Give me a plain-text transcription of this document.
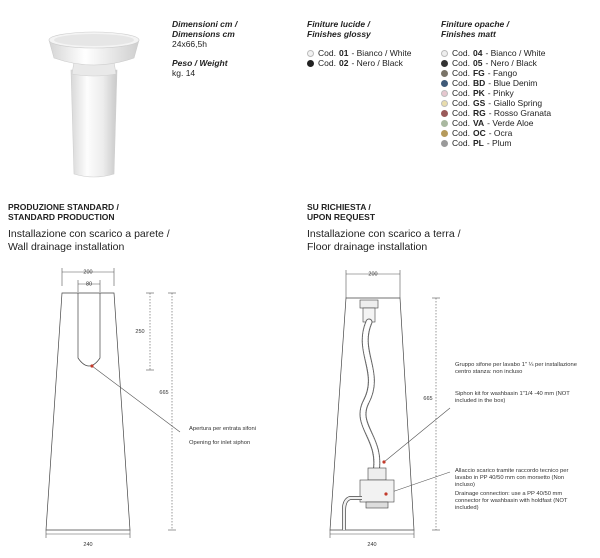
Dimensioni cm /
Dimensions cm
24x66,5h
Peso / Weight
kg. 14
Finiture lucide /
Finishes glossy
Cod. 01 - Bianco / White
Cod. 02 - Nero / Black
Finiture opache /
Finishes matt
Cod. 04 - Bianco / White
Cod. 05 - Nero / Black
Cod. FG - Fango
Cod. BD - Blue Denim
Cod. PK - Pinky
Cod. GS - Giallo Spring
Cod. RG - Rosso Granata
Cod. VA - Verde Aloe
Cod. OC - Ocra
Cod. PL - Plum
PRODUZIONE STANDARD /
STANDARD PRODUCTION
Installazione con scarico a parete /
Wall drainage installation
SU RICHIESTA /
UPON REQUEST
Installazione con scarico a terra /
Floor drainage installation
200
80
250
665
240
Apertura per entrata sifoni
Opening for inlet siphon
200
665
240
Gruppo sifone per lavabo 1" ¼ per installazione centro stanza: non incluso
Siphon kit for washbasin 1"1/4 -40 mm (NOT included in the box)
Allaccio scarico tramite raccordo tecnico per lavabo in PP 40/50 mm con morsetto (Non incluso)
Drainage connection: use a PP 40/50 mm connector for washbasin with holdfast (NOT included)
